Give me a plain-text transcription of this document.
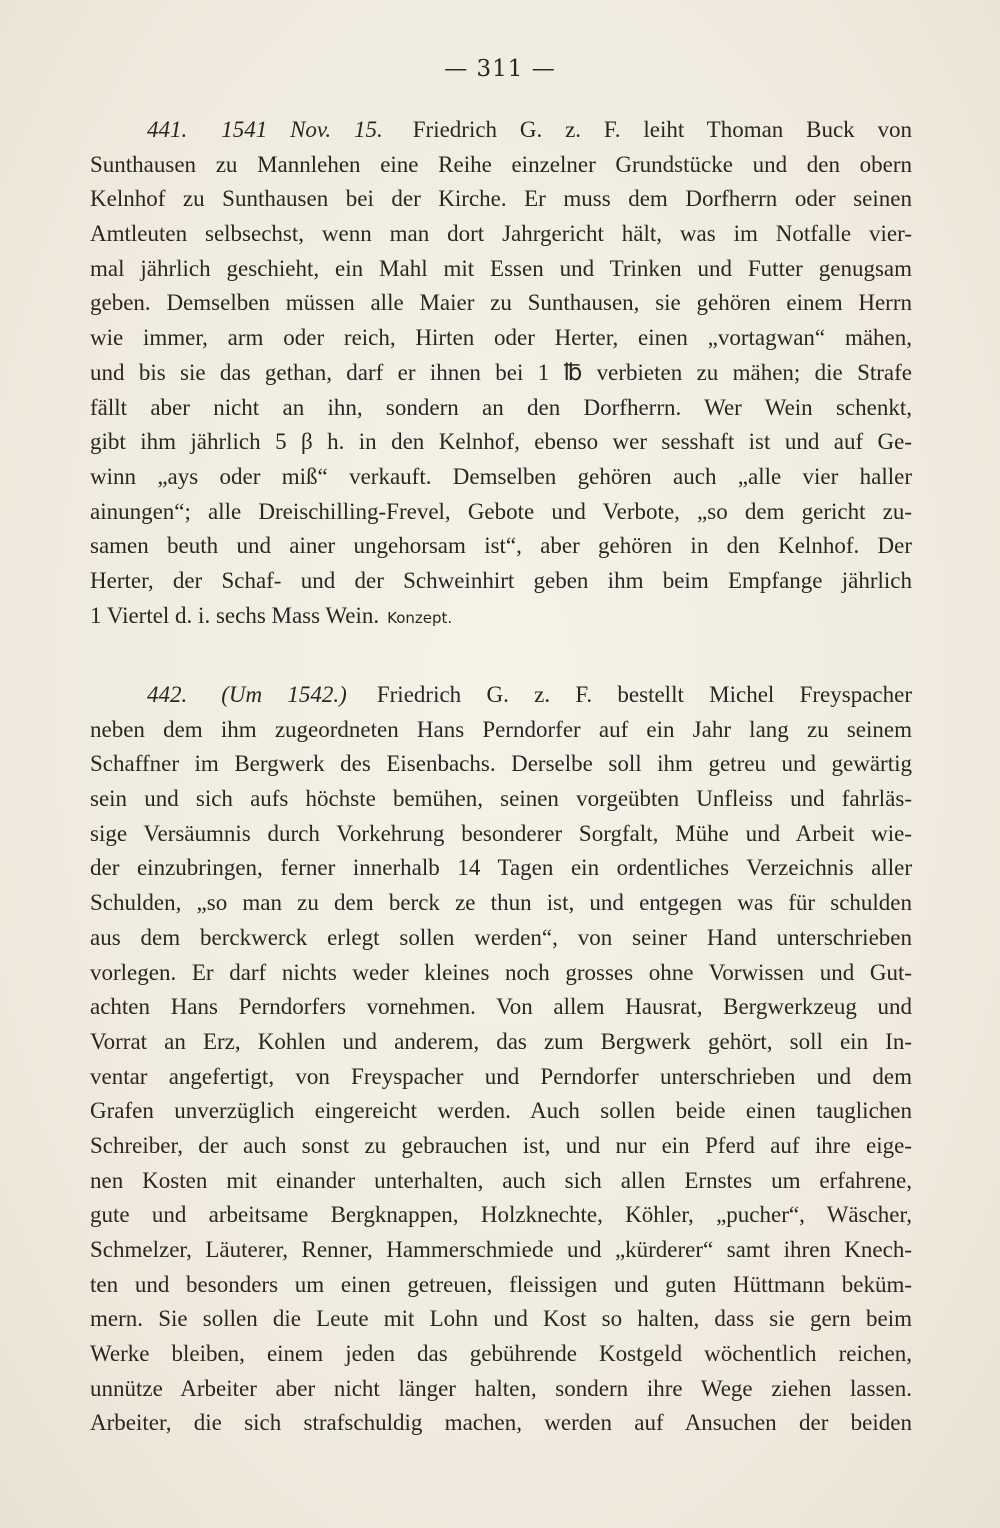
— 311 —
441. 1541 Nov. 15. Friedrich G. z. F. leiht Thoman Buck von
Sunthausen zu Mannlehen eine Reihe einzelner Grundstücke und den obern
Kelnhof zu Sunthausen bei der Kirche. Er muss dem Dorfherrn oder seinen
Amtleuten selbsechst, wenn man dort Jahrgericht hält, was im Notfalle vier-
mal jährlich geschieht, ein Mahl mit Essen und Trinken und Futter genugsam
geben. Demselben müssen alle Maier zu Sunthausen, sie gehören einem Herrn
wie immer, arm oder reich, Hirten oder Herter, einen „vortagwan“ mähen,
und bis sie das gethan, darf er ihnen bei 1 ℔ verbieten zu mähen; die Strafe
fällt aber nicht an ihn, sondern an den Dorfherrn. Wer Wein schenkt,
gibt ihm jährlich 5 β h. in den Kelnhof, ebenso wer sesshaft ist und auf Ge-
winn „ays oder miß“ verkauft. Demselben gehören auch „alle vier haller
ainungen“; alle Dreischilling-Frevel, Gebote und Verbote, „so dem gericht zu-
samen beuth und ainer ungehorsam ist“, aber gehören in den Kelnhof. Der
Herter, der Schaf- und der Schweinhirt geben ihm beim Empfange jährlich
1 Viertel d. i. sechs Mass Wein. Konzept.
442. (Um 1542.) Friedrich G. z. F. bestellt Michel Freyspacher
neben dem ihm zugeordneten Hans Perndorfer auf ein Jahr lang zu seinem
Schaffner im Bergwerk des Eisenbachs. Derselbe soll ihm getreu und gewärtig
sein und sich aufs höchste bemühen, seinen vorgeübten Unfleiss und fahrläs-
sige Versäumnis durch Vorkehrung besonderer Sorgfalt, Mühe und Arbeit wie-
der einzubringen, ferner innerhalb 14 Tagen ein ordentliches Verzeichnis aller
Schulden, „so man zu dem berck ze thun ist, und entgegen was für schulden
aus dem berckwerck erlegt sollen werden“, von seiner Hand unterschrieben
vorlegen. Er darf nichts weder kleines noch grosses ohne Vorwissen und Gut-
achten Hans Perndorfers vornehmen. Von allem Hausrat, Bergwerkzeug und
Vorrat an Erz, Kohlen und anderem, das zum Bergwerk gehört, soll ein In-
ventar angefertigt, von Freyspacher und Perndorfer unterschrieben und dem
Grafen unverzüglich eingereicht werden. Auch sollen beide einen tauglichen
Schreiber, der auch sonst zu gebrauchen ist, und nur ein Pferd auf ihre eige-
nen Kosten mit einander unterhalten, auch sich allen Ernstes um erfahrene,
gute und arbeitsame Bergknappen, Holzknechte, Köhler, „pucher“, Wäscher,
Schmelzer, Läuterer, Renner, Hammerschmiede und „kürderer“ samt ihren Knech-
ten und besonders um einen getreuen, fleissigen und guten Hüttmann beküm-
mern. Sie sollen die Leute mit Lohn und Kost so halten, dass sie gern beim
Werke bleiben, einem jeden das gebührende Kostgeld wöchentlich reichen,
unnütze Arbeiter aber nicht länger halten, sondern ihre Wege ziehen lassen.
Arbeiter, die sich strafschuldig machen, werden auf Ansuchen der beiden
